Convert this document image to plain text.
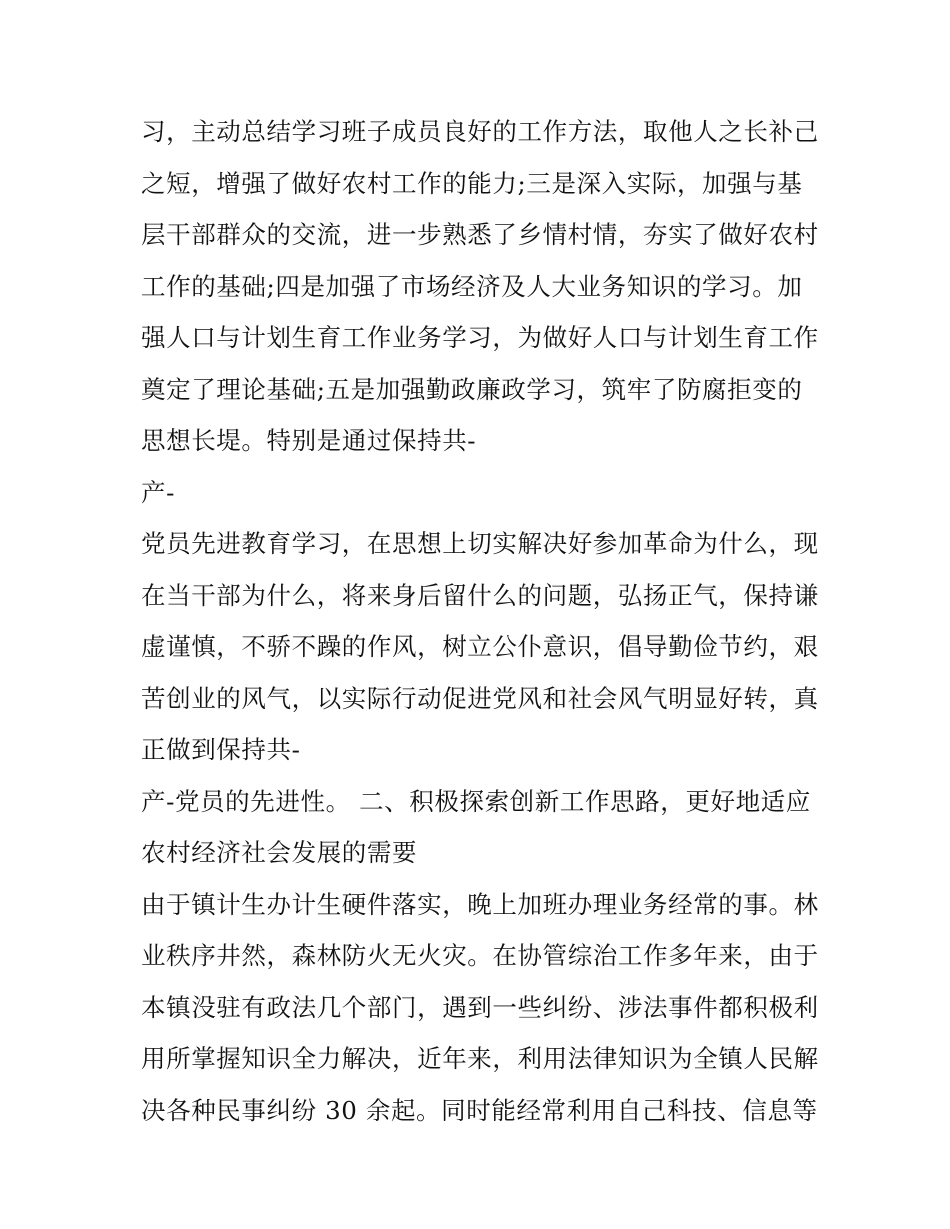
习，主动总结学习班子成员良好的工作方法，取他人之长补己
之短，增强了做好农村工作的能力;三是深入实际，加强与基
层干部群众的交流，进一步熟悉了乡情村情，夯实了做好农村
工作的基础;四是加强了市场经济及人大业务知识的学习。加
强人口与计划生育工作业务学习，为做好人口与计划生育工作
奠定了理论基础;五是加强勤政廉政学习，筑牢了防腐拒变的
思想长堤。特别是通过保持共-
产-
党员先进教育学习，在思想上切实解决好参加革命为什么，现
在当干部为什么，将来身后留什么的问题，弘扬正气，保持谦
虚谨慎，不骄不躁的作风，树立公仆意识，倡导勤俭节约，艰
苦创业的风气，以实际行动促进党风和社会风气明显好转，真
正做到保持共-
产-党员的先进性。 二、积极探索创新工作思路，更好地适应
农村经济社会发展的需要
由于镇计生办计生硬件落实，晚上加班办理业务经常的事。林
业秩序井然，森林防火无火灾。在协管综治工作多年来，由于
本镇没驻有政法几个部门，遇到一些纠纷、涉法事件都积极利
用所掌握知识全力解决，近年来，利用法律知识为全镇人民解
决各种民事纠纷 30 余起。同时能经常利用自己科技、信息等
